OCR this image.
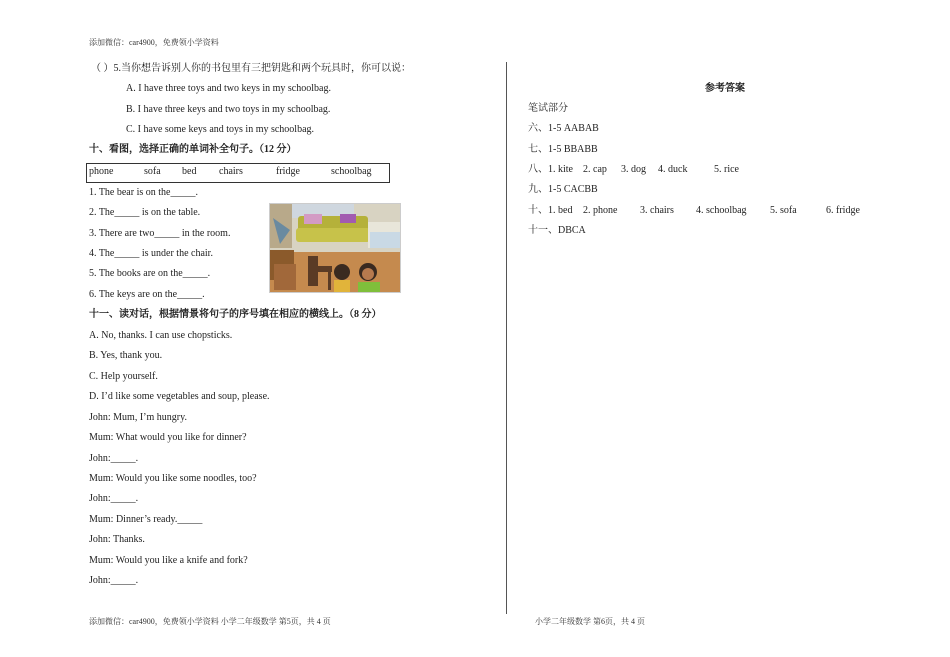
添加微信：car4900，免费领小学资料
（ ）5.当你想告诉别人你的书包里有三把钥匙和两个玩具时，你可以说：
A. I have three toys and two keys in my schoolbag.
B. I have three keys and two toys in my schoolbag.
C. I have some keys and toys in my schoolbag.
十、看图，选择正确的单词补全句子。（12 分）
phone	sofa bed chairs	fridge	schoolbag
1. The bear is on the_____.
2. The_____ is on the table.
3. There are two_____ in the room.
4. The_____ is under the chair.
5. The books are on the_____.
6. The keys are on the_____.
十一、读对话，根据情景将句子的序号填在相应的横线上。（8 分）
A. No, thanks. I can use chopsticks.
B. Yes, thank you.
C. Help yourself.
D. I’d like some vegetables and soup, please.
John: Mum, I’m hungry.
Mum: What would you like for dinner?
John:_____.
Mum: Would you like some noodles, too?
John:_____.
Mum: Dinner’s ready._____
John: Thanks.
Mum: Would you like a knife and fork?
John:_____.
参考答案
笔试部分
六、1-5 AABAB
七、1-5 BBABB
八、1. kite 2. cap 3. dog 4. duck	5. rice
九、1-5 CACBB
十、1. bed 2. phone 3. chairs 4. schoolbag 5. sofa	6. fridge
十一、DBCA
添加微信：car4900，免费领小学资料 小学二年级数学 第5页，共 4 页	小学二年级数学 第6页，共 4 页
